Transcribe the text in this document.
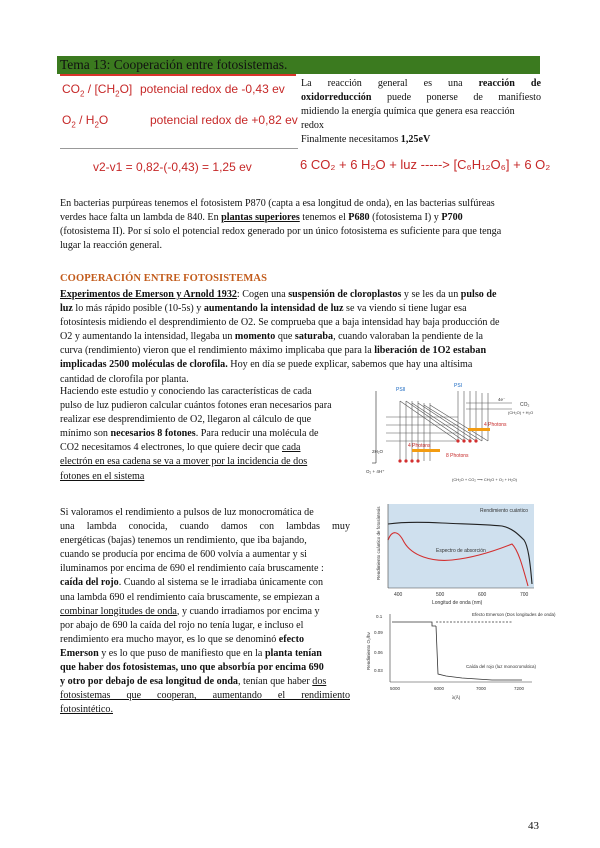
Tema 13: Cooperación entre fotosistemas.
$CO_2 / [CH_2O]$ potencial redox de -0,43 ev
$O_2 / H_2O$	potencial redox de +0,82 ev
v2-v1 = 0,82-(-0,43) = 1,25 ev
La reacción general es una reacción de
oxidorreducción puede ponerse de manifiesto
midiendo la energía química que genera esa reacción
redox
Finalmente necesitamos 1,25eV
6 CO₂ + 6 H₂O + luz -----> [C₆H₁₂O₆] + 6 O₂
En bacterias purpúreas tenemos el fotosistem P870 (capta a esa longitud de onda), en las bacterias sulfúreas
verdes hace falta un lambda de 840. En plantas superiores tenemos el P680 (fotosistema I) y P700
(fotosistema II). Por sí solo el potencial redox generado por un único fotosistema es suficiente para que tenga
lugar la reacción general.
COOPERACIÓN ENTRE FOTOSISTEMAS
Experimentos de Emerson y Arnold 1932: Cogen una suspensión de cloroplastos y se les da un pulso de
luz lo más rápido posible (10-5s) y aumentando la intensidad de luz se va viendo si tiene lugar esa
fotosíntesis midiendo el desprendimiento de O2. Se comprueba que a baja intensidad hay baja producción de
O2 y aumentando la intensidad, llegaba un momento que saturaba, cuando valoraban la pendiente de la
curva (rendimiento) vieron que el rendimiento máximo implicaba que para la liberación de 1O2 estaban
implicadas 2500 moléculas de clorofila. Hoy en día se puede explicar, sabemos que hay una altísima
cantidad de clorofila por planta.
Haciendo este estudio y conociendo las características de cada
pulso de luz pudieron calcular cuántos fotones eran necesarios para
realizar ese desprendimiento de O2, llegaron al cálculo de que
mínimo son necesarios 8 fotones. Para reducir una molécula de
CO2 necesitamos 4 electrones, lo que quiere decir que cada
electrón en esa cadena se va a mover por la incidencia de dos
fotones en el sistema
PSII
PSI
CO₂
(CH₂O) + H₂O
4e⁻
4 Photons
8 Photons
4 Photons
2H₂O
O₂ + 4H⁺
(CH₂O + CO₂ ⟶ CH₂O + O₂ + H₂O)
Si valoramos el rendimiento a pulsos de luz monocromática de
una lambda conocida, cuando damos con lambdas muy
energéticas (bajas) tenemos un rendimiento, que iba bajando,
cuando se producía por encima de 600 volvía a aumentar y si
iluminamos por encima de 690 el rendimiento caía bruscamente :
caída del rojo. Cuando al sistema se le irradiaba únicamente con
una lambda 690 el rendimiento caía bruscamente, se empiezan a
combinar longitudes de onda, y cuando irradiamos por encima y
por abajo de 690 la caída del rojo no tenía lugar, e incluso el
rendimiento era mucho mayor, es lo que se denominó efecto
Emerson y es lo que puso de manifiesto que en la planta tenían
que haber dos fotosistemas, uno que absorbía por encima 690
y otro por debajo de esa longitud de onda, tenían que haber dos
fotosistemas que cooperan, aumentando el rendimiento
fotosintético.
Rendimiento cuántico
Espectro de absorción
400	500	600	700
Longitud de onda (nm)
Rendimiento cuántico de fotosíntesis
Efecto Emerson (Dos longitudes de onda)
Caída del rojo (luz monocromática)
0.1
0.09
0.06
0.03
5000	6000	7000	7200
λ(Å)
Rendimiento O₂/hν
43
